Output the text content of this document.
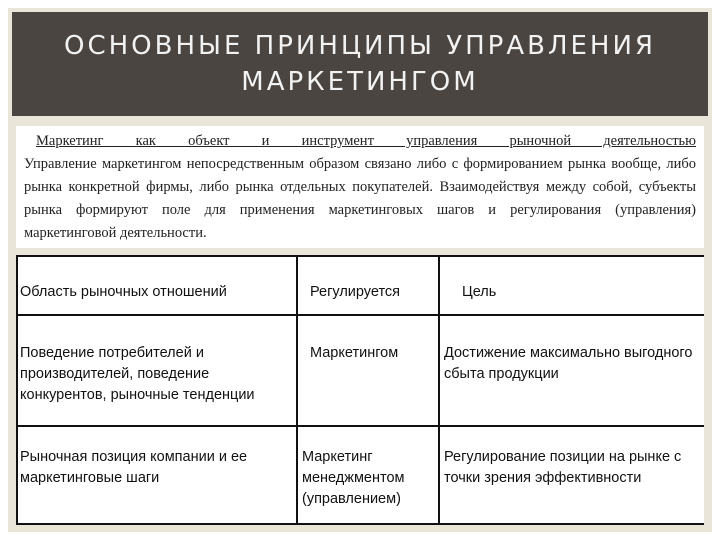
ОСНОВНЫЕ ПРИНЦИПЫ УПРАВЛЕНИЯ
МАРКЕТИНГОМ
Маркетинг как объект и инструмент управления рыночной деятельностью
Управление маркетингом непосредственным образом связано либо с формированием рынка вообще, либо рынка конкретной фирмы, либо рынка отдельных покупателей. Взаимодействуя между собой, субъекты рынка формируют поле для применения маркетинговых шагов и регулирования (управления) маркетинговой деятельности.
Область рыночных отношений	Регулируется	Цель

Поведение потребителей и производителей, поведение конкурентов, рыночные тенденции	Маркетингом	Достижение максимально выгодного сбыта продукции

Рыночная позиция компании и ее маркетинговые шаги	Маркетинг менеджментом (управлением)	Регулирование позиции на рынке с точки зрения эффективности
